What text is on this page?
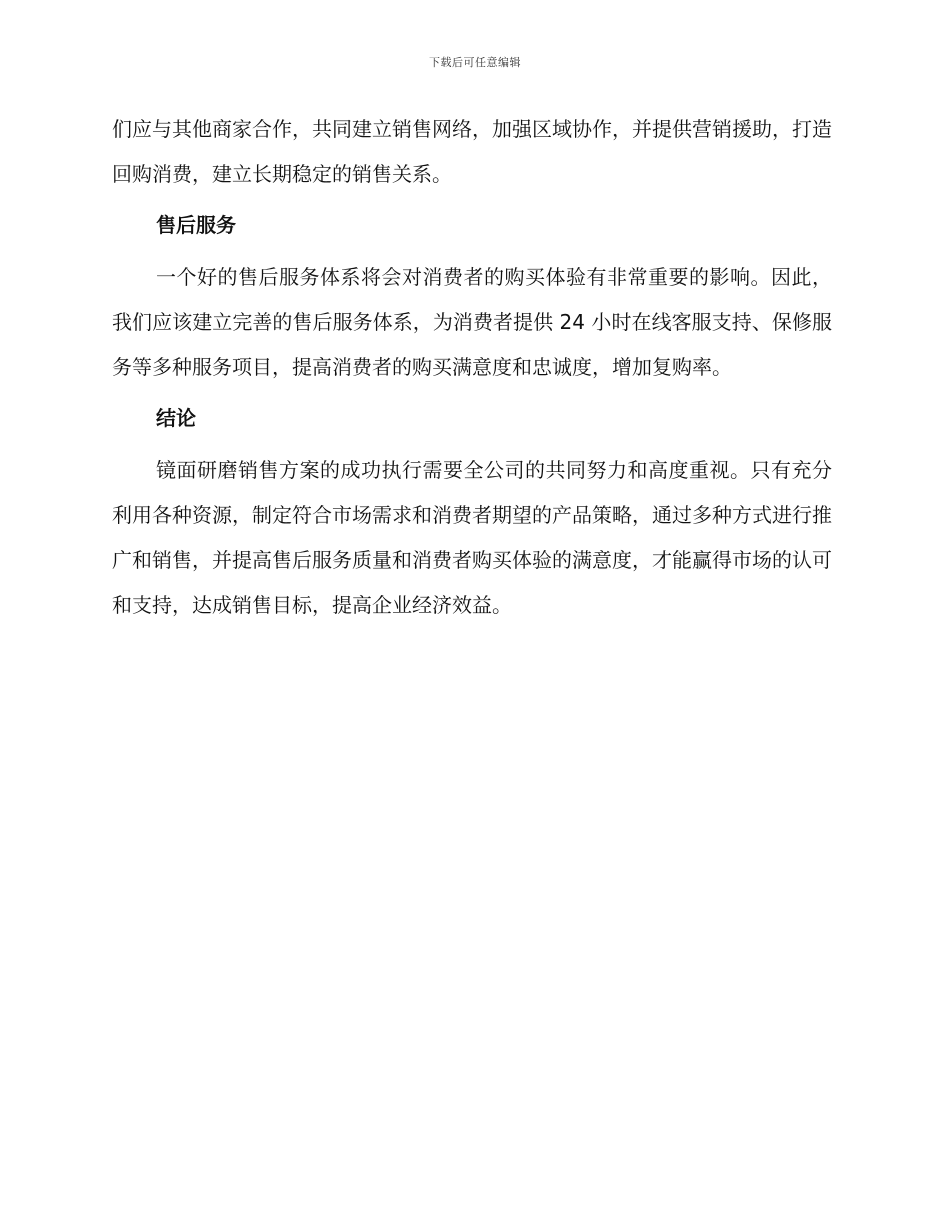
下载后可任意编辑

们应与其他商家合作，共同建立销售网络，加强区域协作，并提供营销援助，打造回购消费，建立长期稳定的销售关系。

售后服务

一个好的售后服务体系将会对消费者的购买体验有非常重要的影响。因此，我们应该建立完善的售后服务体系，为消费者提供 24 小时在线客服支持、保修服务等多种服务项目，提高消费者的购买满意度和忠诚度，增加复购率。

结论

镜面研磨销售方案的成功执行需要全公司的共同努力和高度重视。只有充分利用各种资源，制定符合市场需求和消费者期望的产品策略，通过多种方式进行推广和销售，并提高售后服务质量和消费者购买体验的满意度，才能赢得市场的认可和支持，达成销售目标，提高企业经济效益。
